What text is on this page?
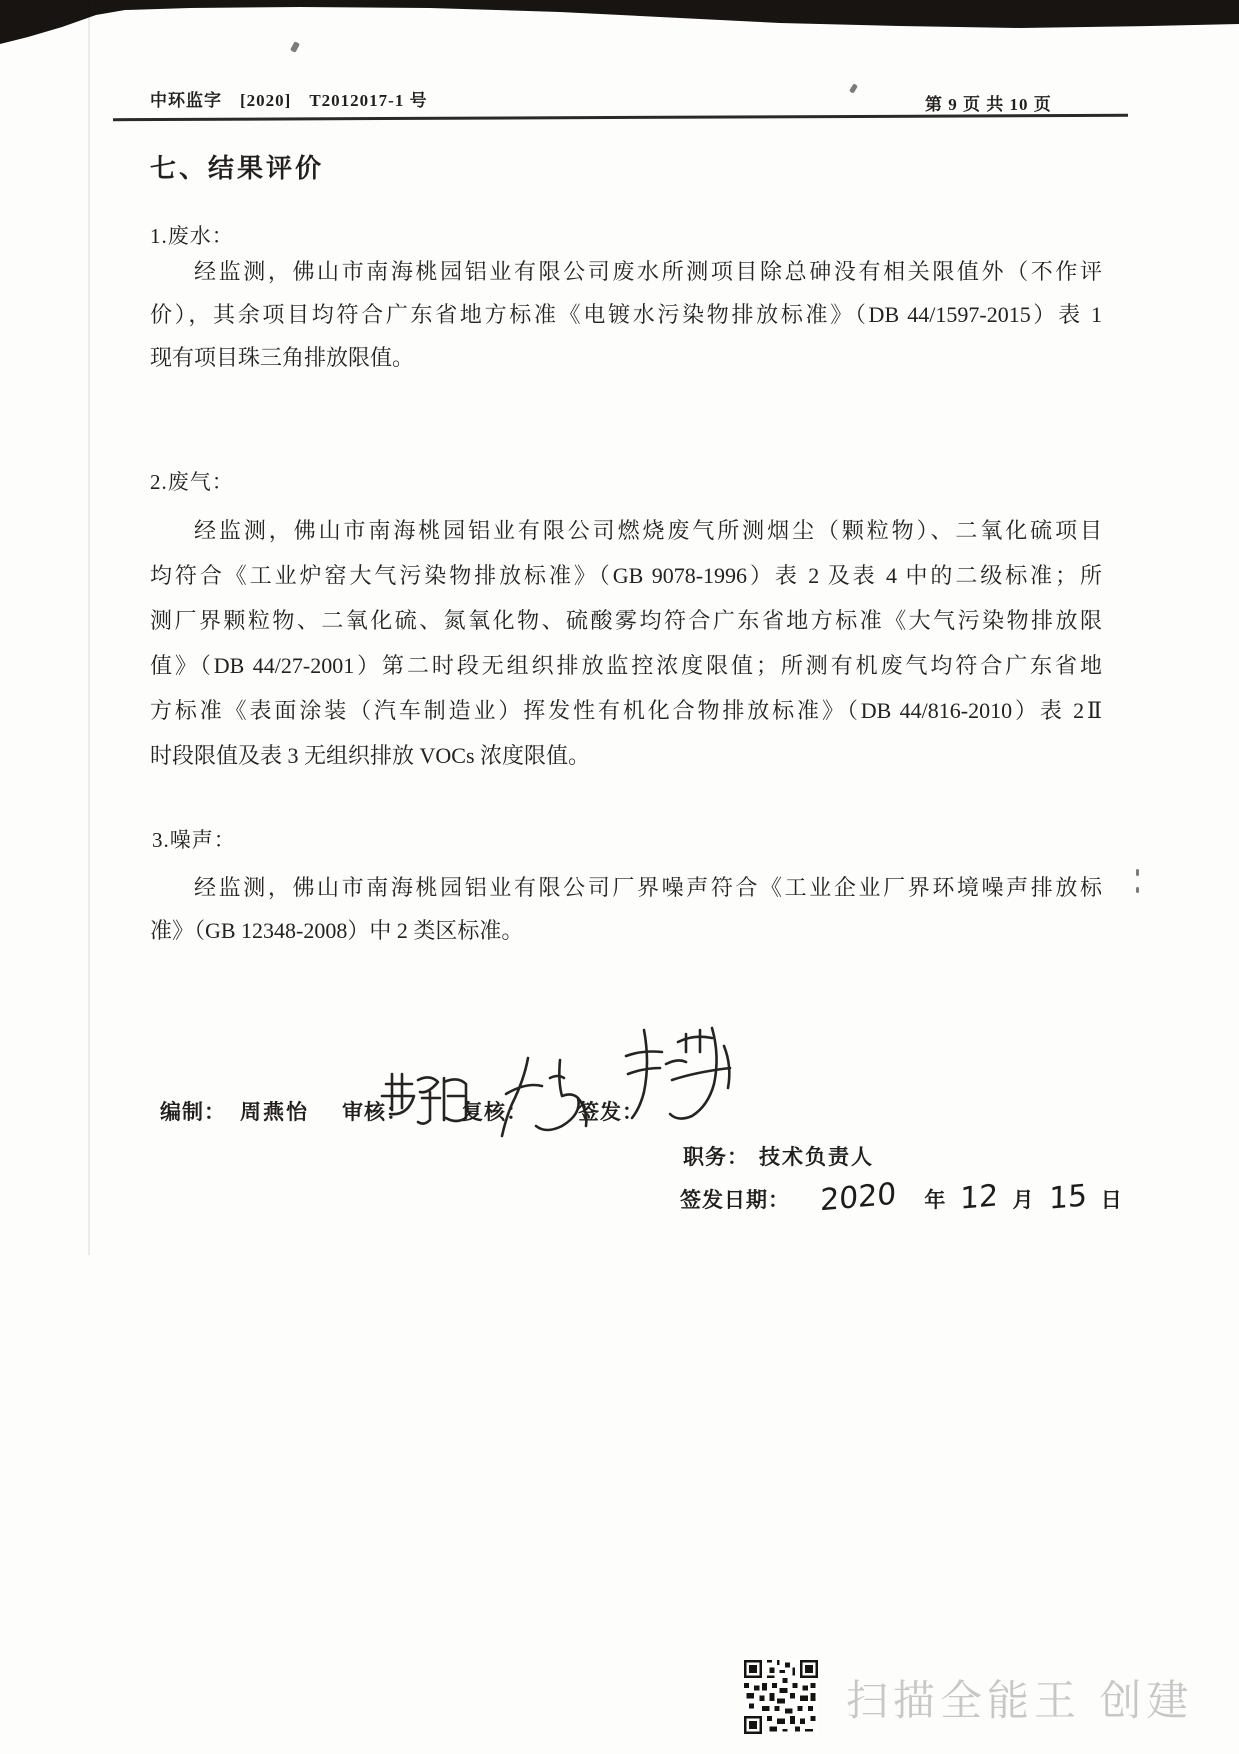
中环监字　[2020]　T2012017-1 号	第 9 页 共 10 页
七、结果评价
1.废水：
经监测，佛山市南海桃园铝业有限公司废水所测项目除总砷没有相关限值外（不作评
价），其余项目均符合广东省地方标准《电镀水污染物排放标准》（DB 44/1597-2015）表 1
现有项目珠三角排放限值。
2.废气：
经监测，佛山市南海桃园铝业有限公司燃烧废气所测烟尘（颗粒物）、二氧化硫项目
均符合《工业炉窑大气污染物排放标准》（GB 9078-1996）表 2 及表 4 中的二级标准；所
测厂界颗粒物、二氧化硫、氮氧化物、硫酸雾均符合广东省地方标准《大气污染物排放限
值》（DB 44/27-2001）第二时段无组织排放监控浓度限值；所测有机废气均符合广东省地
方标准《表面涂装（汽车制造业）挥发性有机化合物排放标准》（DB 44/816-2010）表 2Ⅱ
时段限值及表 3 无组织排放 VOCs 浓度限值。
3.噪声：
经监测，佛山市南海桃园铝业有限公司厂界噪声符合《工业企业厂界环境噪声排放标
准》（GB 12348-2008）中 2 类区标准。
编制： 周燕怡 审核：	复核： 签发：
职务： 技术负责人
签发日期： 2020 年 12 月 15 日
扫描全能王 创建
